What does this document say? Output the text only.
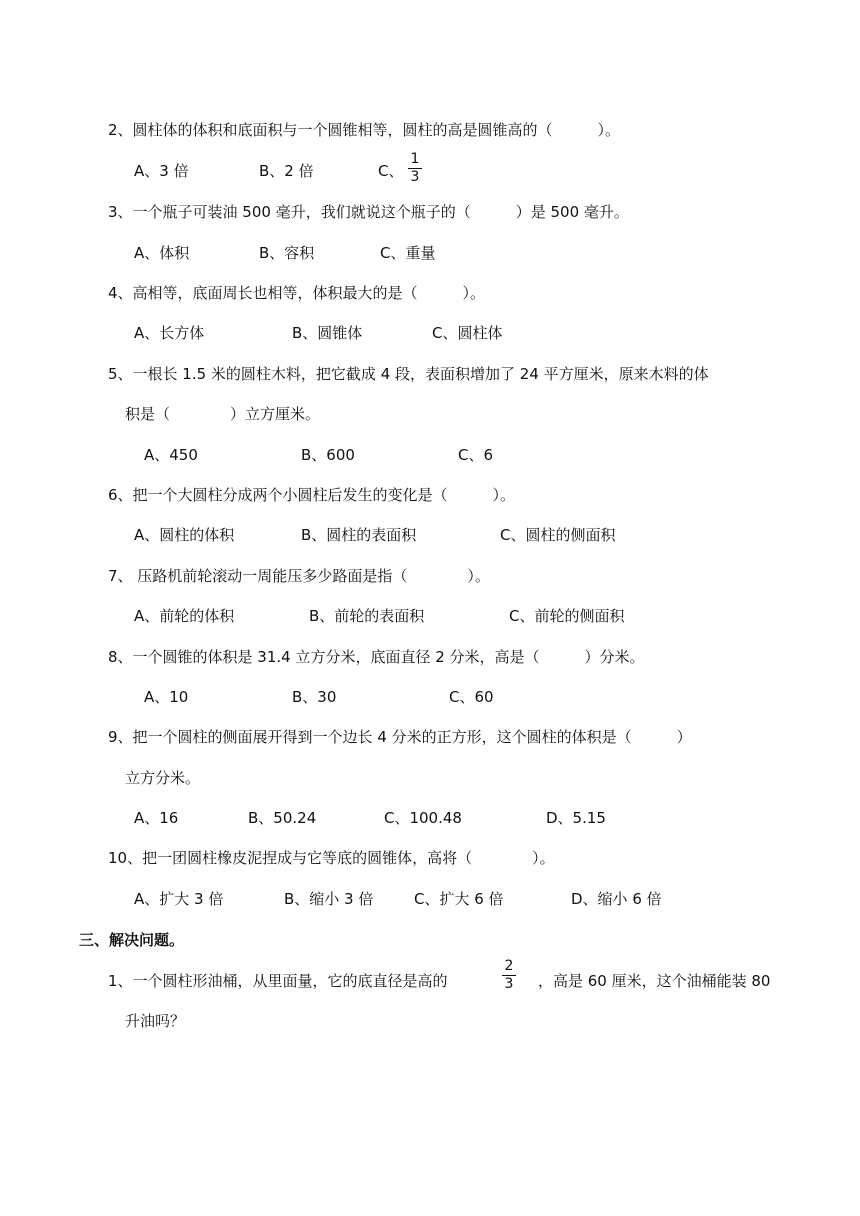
2、圆柱体的体积和底面积与一个圆锥相等，圆柱的高是圆锥高的（　　　）。
A、3 倍	B、2 倍	C、
1
3
3、一个瓶子可装油 500 毫升，我们就说这个瓶子的（　　　）是 500 毫升。
A、体积	B、容积	C、重量
4、高相等，底面周长也相等，体积最大的是（　　　）。
A、长方体	B、圆锥体	C、圆柱体
5、一根长 1.5 米的圆柱木料，把它截成 4 段，表面积增加了 24 平方厘米，原来木料的体
积是（　　　　）立方厘米。
A、450	B、600	C、6
6、把一个大圆柱分成两个小圆柱后发生的变化是（　　　）。
A、圆柱的体积	B、圆柱的表面积	C、圆柱的侧面积
7、 压路机前轮滚动一周能压多少路面是指（　　　　）。
A、前轮的体积	B、前轮的表面积	C、前轮的侧面积
8、一个圆锥的体积是 31.4 立方分米，底面直径 2 分米，高是（　　　）分米。
A、10	B、30	C、60
9、把一个圆柱的侧面展开得到一个边长 4 分米的正方形，这个圆柱的体积是（　　　）
立方分米。
A、16	B、50.24	C、100.48	D、5.15
10、把一团圆柱橡皮泥捏成与它等底的圆锥体，高将（　　　　）。
A、扩大 3 倍	B、缩小 3 倍	C、扩大 6 倍	D、缩小 6 倍
三、解决问题。
1、一个圆柱形油桶，从里面量，它的底直径是高的
2
3 ，高是 60 厘米，这个油桶能装 80
升油吗？
